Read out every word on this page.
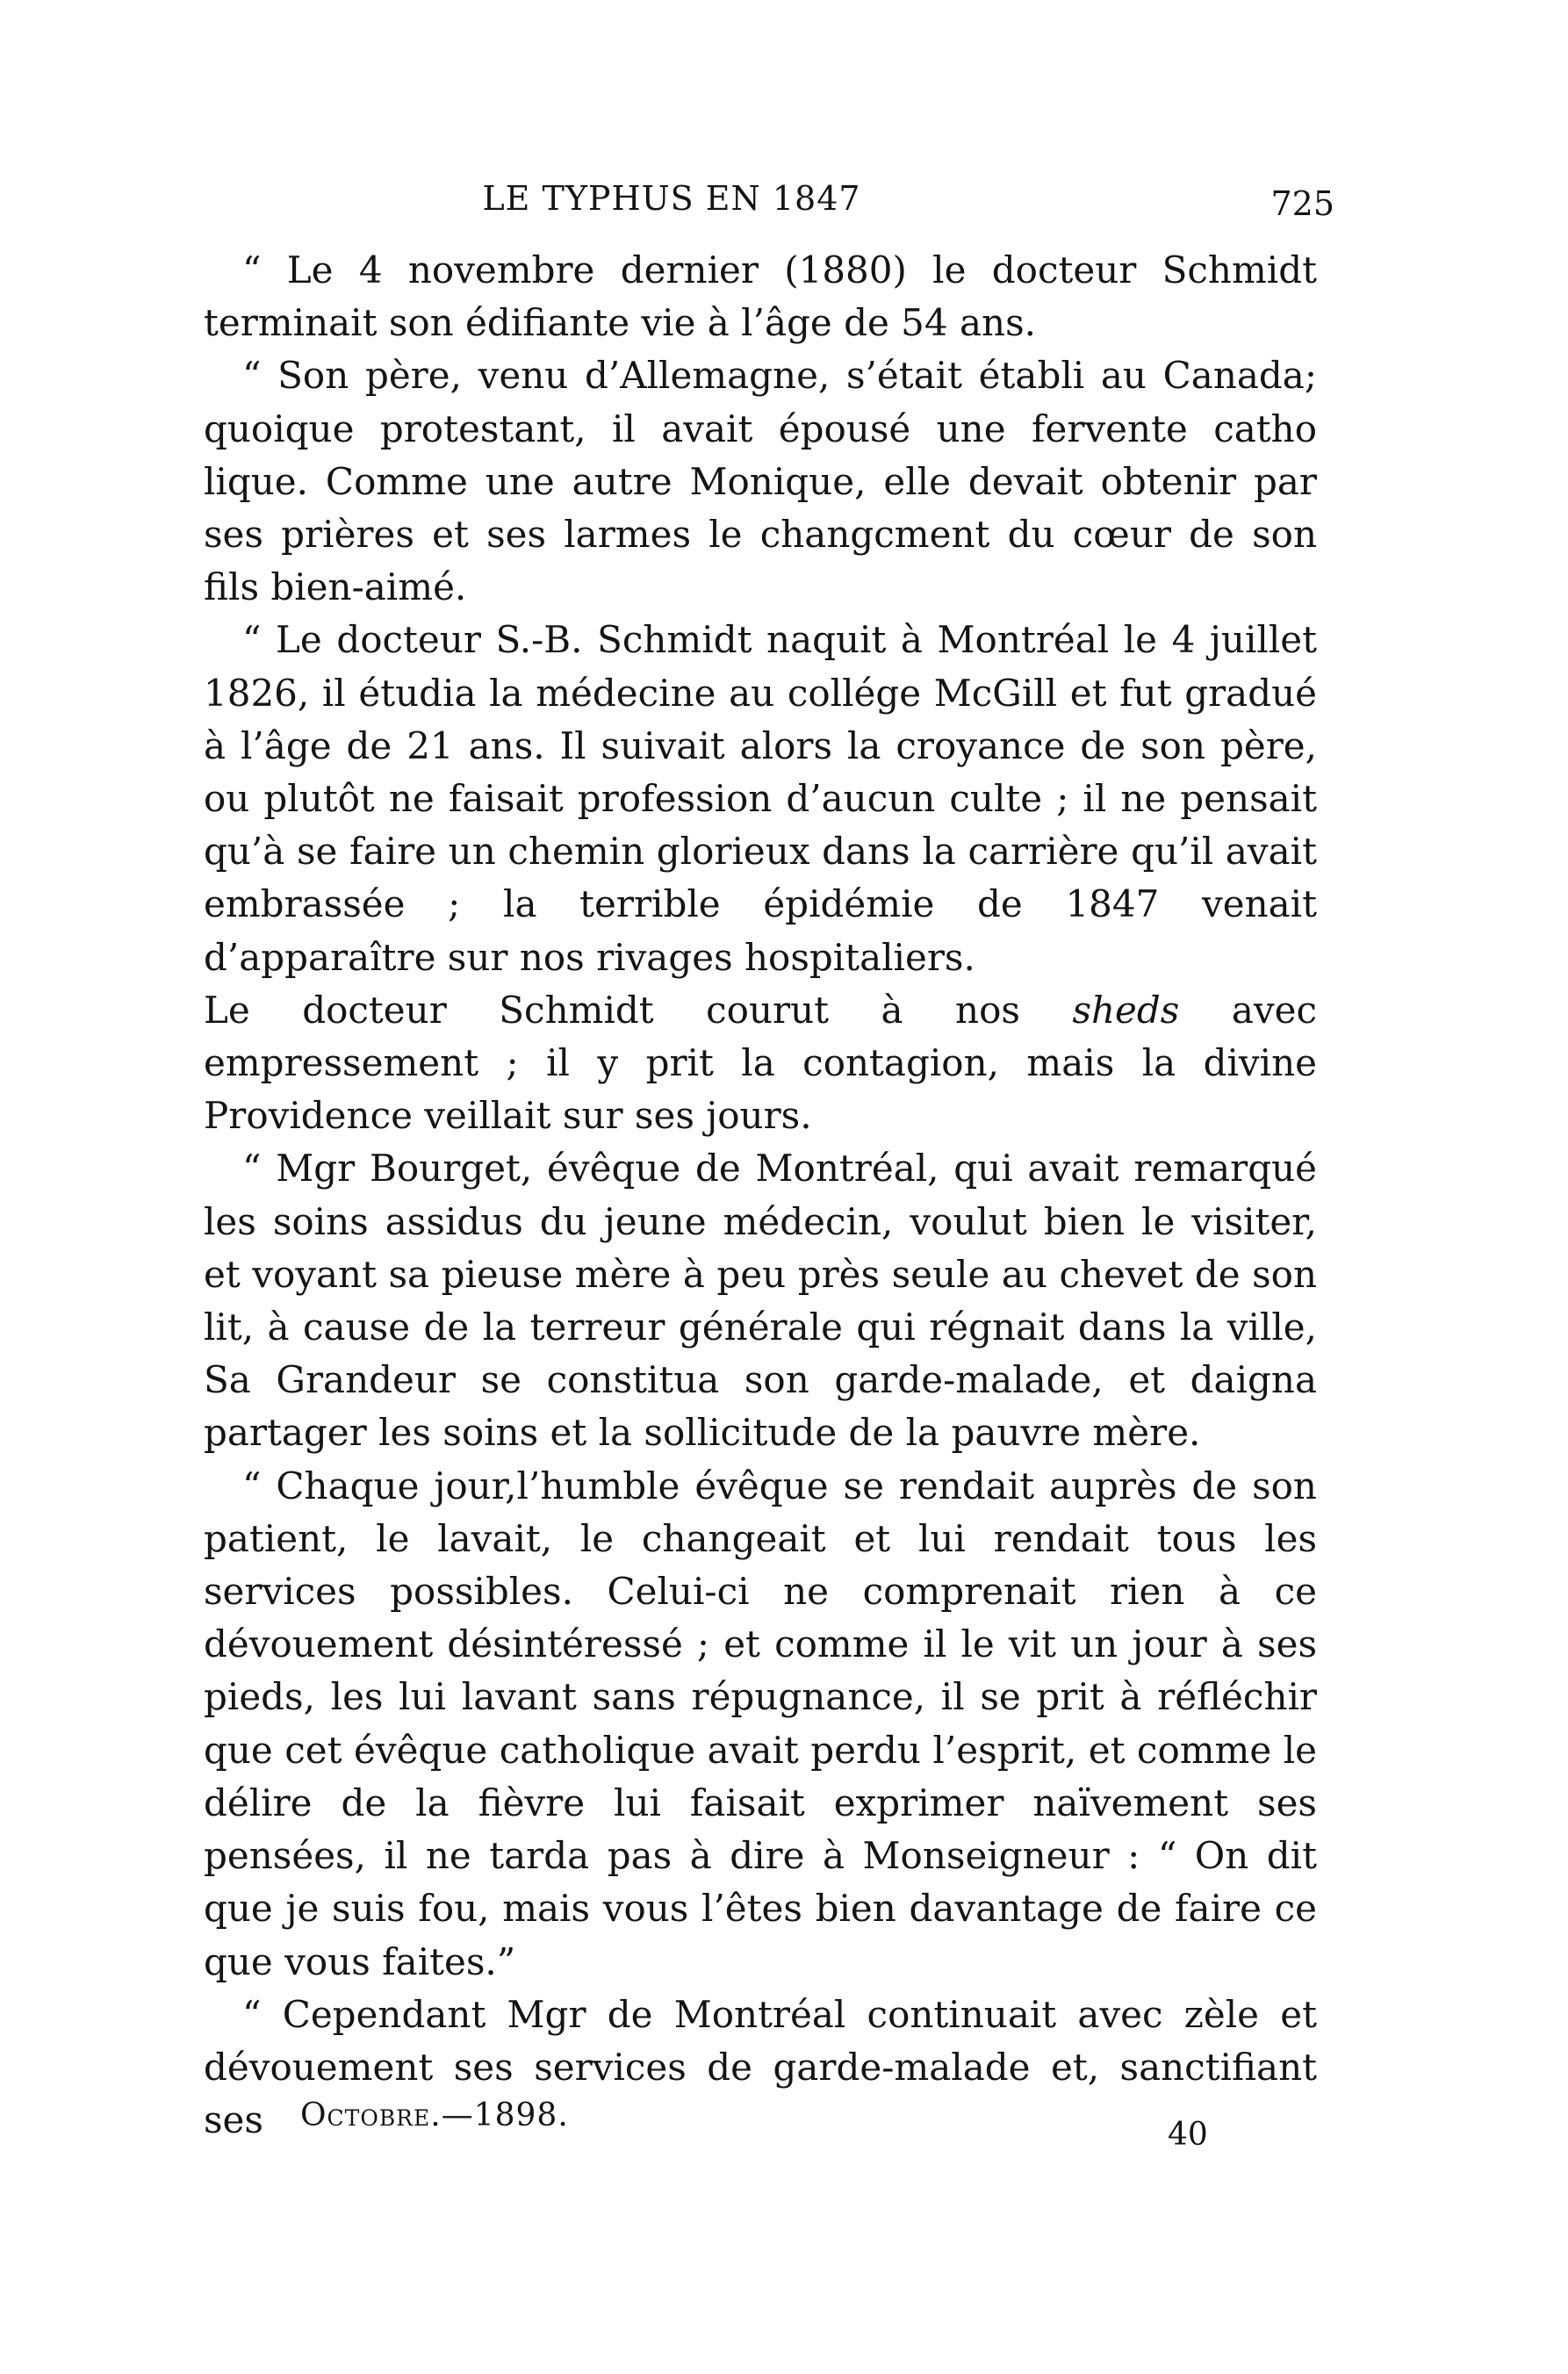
LE TYPHUS EN 1847	725

“ Le 4 novembre dernier (1880) le docteur Schmidt terminait son édifiante vie à l’âge de 54 ans.

“ Son père, venu d’Allemagne, s’était établi au Canada; quoique protestant, il avait épousé une fervente catho lique. Comme une autre Monique, elle devait obtenir par ses prières et ses larmes le changcment du cœur de son fils bien-aimé.

“ Le docteur S.-B. Schmidt naquit à Montréal le 4 juillet 1826, il étudia la médecine au collége McGill et fut gradué à l’âge de 21 ans. Il suivait alors la croyance de son père, ou plutôt ne faisait profession d’aucun culte ; il ne pensait qu’à se faire un chemin glorieux dans la carrière qu’il avait embrassée ; la terrible épidémie de 1847 venait d’apparaître sur nos rivages hospitaliers.

Le docteur Schmidt courut à nos sheds avec empressement ; il y prit la contagion, mais la divine Providence veillait sur ses jours.

“ Mgr Bourget, évêque de Montréal, qui avait remarqué les soins assidus du jeune médecin, voulut bien le visiter, et voyant sa pieuse mère à peu près seule au chevet de son lit, à cause de la terreur générale qui régnait dans la ville, Sa Grandeur se constitua son garde-malade, et daigna partager les soins et la sollicitude de la pauvre mère.

“ Chaque jour,l’humble évêque se rendait auprès de son patient, le lavait, le changeait et lui rendait tous les services possibles. Celui-ci ne comprenait rien à ce dévouement désintéressé ; et comme il le vit un jour à ses pieds, les lui lavant sans répugnance, il se prit à réfléchir que cet évêque catholique avait perdu l’esprit, et comme le délire de la fièvre lui faisait exprimer naïvement ses pensées, il ne tarda pas à dire à Monseigneur : “ On dit que je suis fou, mais vous l’êtes bien davantage de faire ce que vous faites.”

“ Cependant Mgr de Montréal continuait avec zèle et dévouement ses services de garde-malade et, sanctifiant ses	Octobre.—1898.
40
